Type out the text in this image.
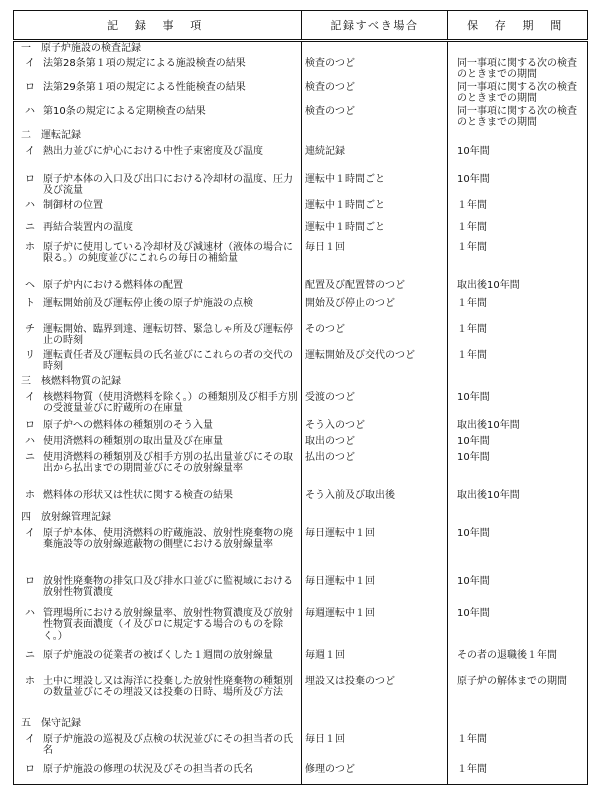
記 録 事 項	記録すべき場合	保 存 期 間

一 原子炉施設の検査記録		

イ 法第28条第１項の規定による施設検査の結果	検査のつど	同一事項に関する次の検査のときまでの期間

ロ 法第29条第１項の規定による性能検査の結果	検査のつど	同一事項に関する次の検査のときまでの期間

ハ 第10条の規定による定期検査の結果	検査のつど	同一事項に関する次の検査のときまでの期間

二 運転記録		

イ 熱出力並びに炉心における中性子束密度及び温度	連続記録	10年間

ロ 原子炉本体の入口及び出口における冷却材の温度、圧力及び流量	運転中１時間ごと	10年間

ハ 制御材の位置	運転中１時間ごと	１年間

ニ 再結合装置内の温度	運転中１時間ごと	１年間

ホ 原子炉に使用している冷却材及び減速材（液体の場合に限る。）の純度並びにこれらの毎日の補給量	毎日１回	１年間

ヘ 原子炉内における燃料体の配置	配置及び配置替のつど	取出後10年間

ト 運転開始前及び運転停止後の原子炉施設の点検	開始及び停止のつど	１年間

チ 運転開始、臨界到達、運転切替、緊急しゃ所及び運転停止の時刻	そのつど	１年間

リ 運転責任者及び運転員の氏名並びにこれらの者の交代の時刻	運転開始及び交代のつど	１年間

三 核燃料物質の記録		

イ 核燃料物質（使用済燃料を除く。）の種類別及び相手方別の受渡量並びに貯蔵所の在庫量	受渡のつど	10年間

ロ 原子炉への燃料体の種類別のそう入量	そう入のつど	取出後10年間

ハ 使用済燃料の種類別の取出量及び在庫量	取出のつど	10年間

ニ 使用済燃料の種類別及び相手方別の払出量並びにその取出から払出までの期間並びにその放射線量率	払出のつど	10年間

ホ 燃料体の形状又は性状に関する検査の結果	そう入前及び取出後	取出後10年間

四 放射線管理記録		

イ 原子炉本体、使用済燃料の貯蔵施設、放射性廃棄物の廃棄施設等の放射線遮蔽物の側壁における放射線量率	毎日運転中１回	10年間

ロ 放射性廃棄物の排気口及び排水口並びに監視域における放射性物質濃度	毎日運転中１回	10年間

ハ 管理場所における放射線量率、放射性物質濃度及び放射性物質表面濃度（イ及びロに規定する場合のものを除く。）	毎週運転中１回	10年間

ニ 原子炉施設の従業者の被ばくした１週間の放射線量	毎週１回	その者の退職後１年間

ホ 土中に埋設し又は海洋に投棄した放射性廃棄物の種類別の数量並びにその埋設又は投棄の日時、場所及び方法	埋設又は投棄のつど	原子炉の解体までの期間

五 保守記録		

イ 原子炉施設の巡視及び点検の状況並びにその担当者の氏名	毎日１回	１年間

ロ 原子炉施設の修理の状況及びその担当者の氏名	修理のつど	１年間
